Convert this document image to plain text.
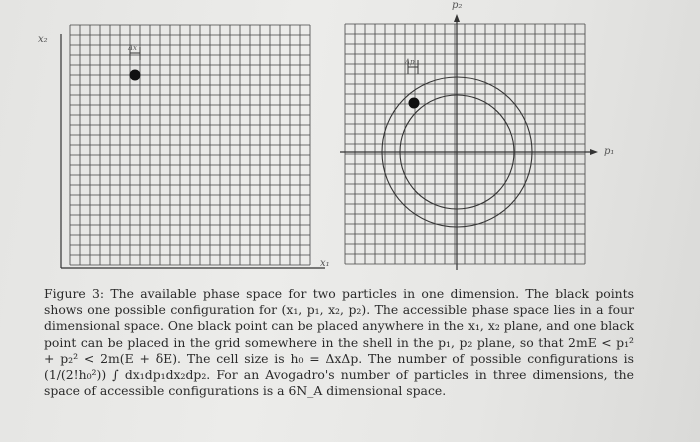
x₂
x₁
p₂
p₁
Δx
Δp

Figure 3: The available phase space for two particles in one dimension. The black points shows one possible configuration for (x₁, p₁, x₂, p₂). The accessible phase space lies in a four dimensional space. One black point can be placed anywhere in the x₁, x₂ plane, and one black point can be placed in the grid somewhere in the shell in the p₁, p₂ plane, so that 2mE < p₁² + p₂² < 2m(E + δE). The cell size is h₀ = ΔxΔp. The number of possible configurations is (1/(2!h₀²)) ∫ dx₁dp₁dx₂dp₂. For an Avogadro's number of particles in three dimensions, the space of accessible configurations is a 6N_A dimensional space.
